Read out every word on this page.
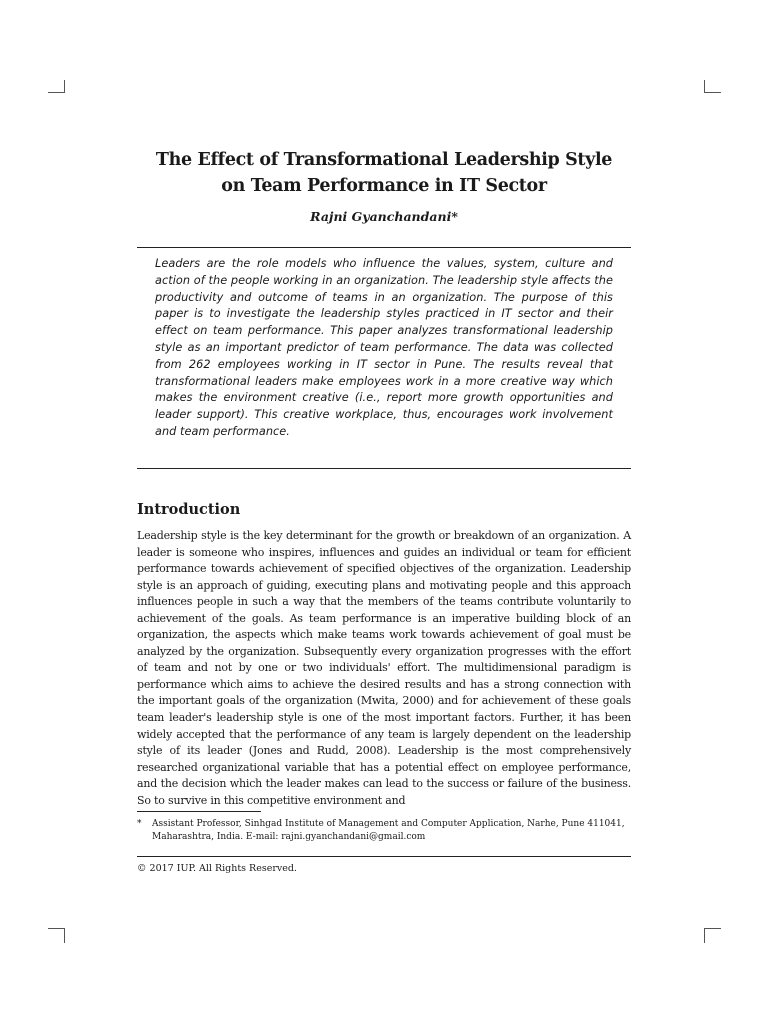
The Effect of Transformational Leadership Style
on Team Performance in IT Sector
Rajni Gyanchandani*

Leaders are the role models who influence the values, system, culture and action of the people working in an organization. The leadership style affects the productivity and outcome of teams in an organization. The purpose of this paper is to investigate the leadership styles practiced in IT sector and their effect on team performance. This paper analyzes transformational leadership style as an important predictor of team performance. The data was collected from 262 employees working in IT sector in Pune. The results reveal that transformational leaders make employees work in a more creative way which makes the environment creative (i.e., report more growth opportunities and leader support). This creative workplace, thus, encourages work involvement and team performance.

Introduction

Leadership style is the key determinant for the growth or breakdown of an organization. A leader is someone who inspires, influences and guides an individual or team for efficient performance towards achievement of specified objectives of the organization. Leadership style is an approach of guiding, executing plans and motivating people and this approach influences people in such a way that the members of the teams contribute voluntarily to achievement of the goals. As team performance is an imperative building block of an organization, the aspects which make teams work towards achievement of goal must be analyzed by the organization. Subsequently every organization progresses with the effort of team and not by one or two individuals' effort. The multidimensional paradigm is performance which aims to achieve the desired results and has a strong connection with the important goals of the organization (Mwita, 2000) and for achievement of these goals team leader's leadership style is one of the most important factors. Further, it has been widely accepted that the performance of any team is largely dependent on the leadership style of its leader (Jones and Rudd, 2008). Leadership is the most comprehensively researched organizational variable that has a potential effect on employee performance, and the decision which the leader makes can lead to the success or failure of the business. So to survive in this competitive environment and

*	Assistant Professor, Sinhgad Institute of Management and Computer Application, Narhe, Pune 411041, Maharashtra, India. E-mail: rajni.gyanchandani@gmail.com
© 2017 IUP. All Rights Reserved.
